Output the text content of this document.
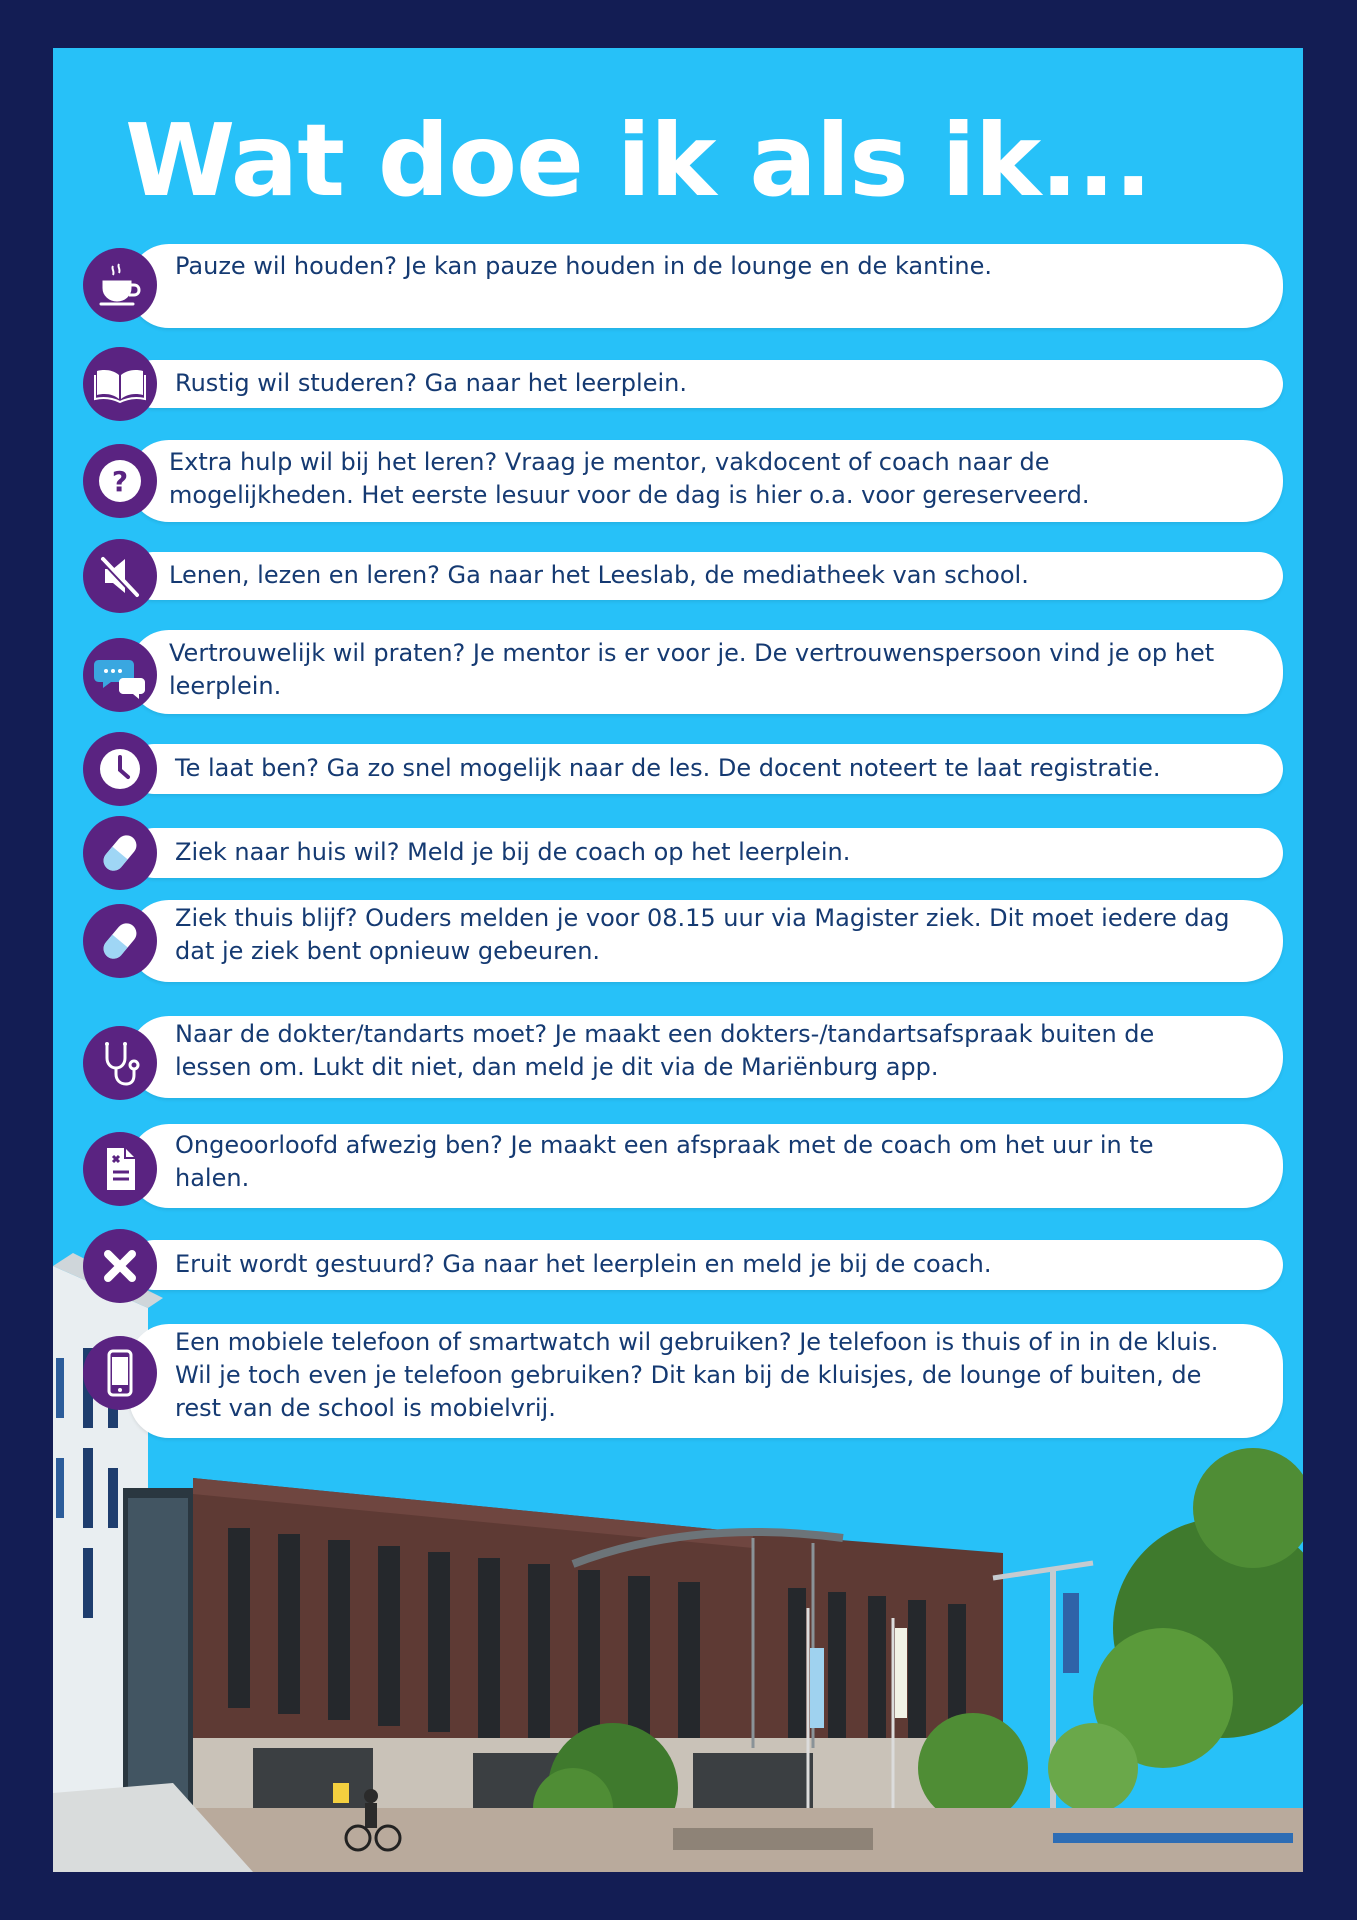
Wat doe ik als ik...
Pauze wil houden? Je kan pauze houden in de lounge en de kantine.
Rustig wil studeren? Ga naar het leerplein.
Extra hulp wil bij het leren? Vraag je mentor, vakdocent of coach naar de mogelijkheden. Het eerste lesuur voor de dag is hier o.a. voor gereserveerd.
?
Lenen, lezen en leren? Ga naar het Leeslab, de mediatheek van school.
Vertrouwelijk wil praten? Je mentor is er voor je. De vertrouwenspersoon vind je op het leerplein.
Te laat ben? Ga zo snel mogelijk naar de les. De docent noteert te laat registratie.
Ziek naar huis wil? Meld je bij de coach op het leerplein.
Ziek thuis blijf? Ouders melden je voor 08.15 uur via Magister ziek. Dit moet iedere dag dat je ziek bent opnieuw gebeuren.
Naar de dokter/tandarts moet? Je maakt een dokters-/tandartsafspraak buiten de lessen om. Lukt dit niet, dan meld je dit via de Mariënburg app.
Ongeoorloofd afwezig ben? Je maakt een afspraak met de coach om het uur in te halen.
Eruit wordt gestuurd? Ga naar het leerplein en meld je bij de coach.
Een mobiele telefoon of smartwatch wil gebruiken? Je telefoon is thuis of in in de kluis. Wil je toch even je telefoon gebruiken? Dit kan bij de kluisjes, de lounge of buiten, de rest van de school is mobielvrij.
